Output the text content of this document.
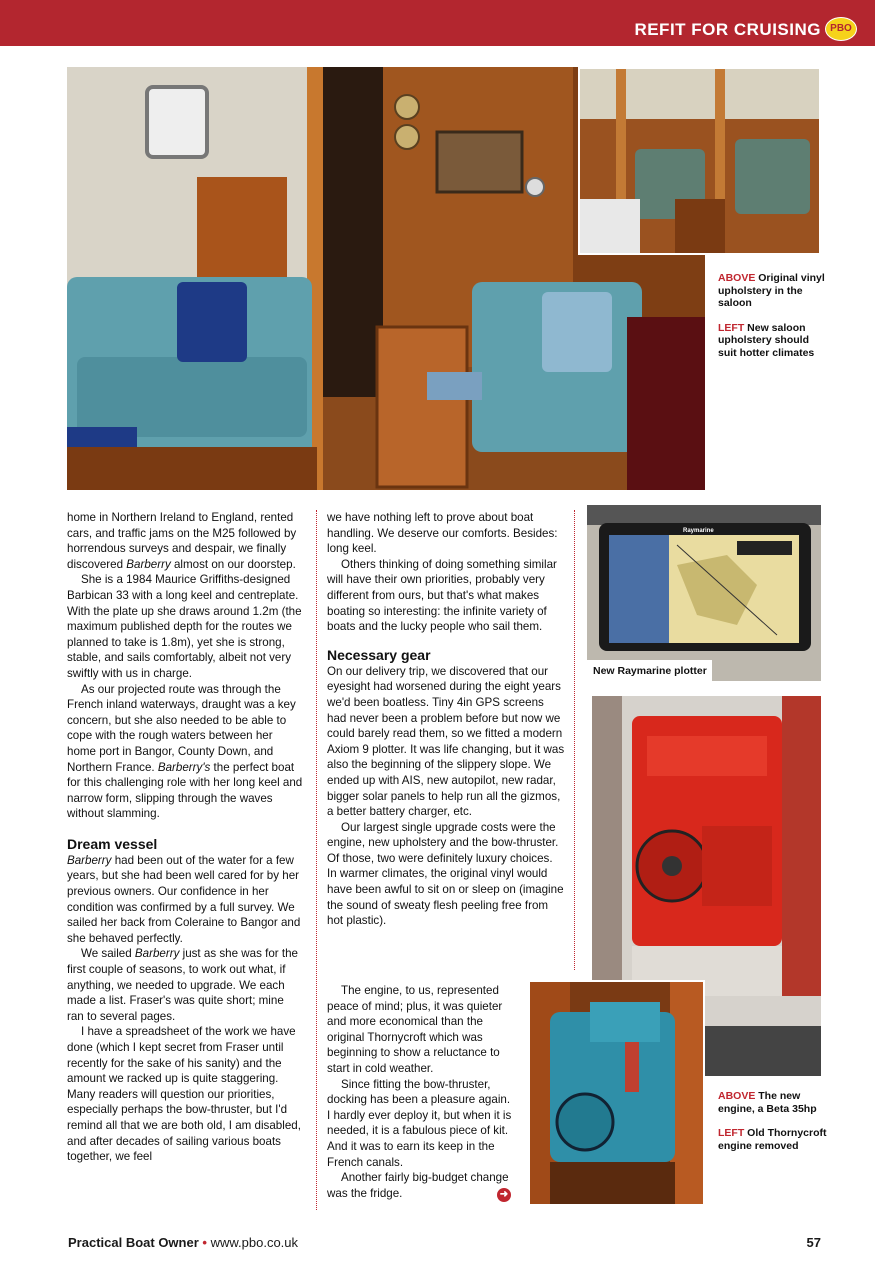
REFIT FOR CRUISING PBO
ABOVE Original vinyl upholstery in the saloon
LEFT New saloon upholstery should suit hotter climates
Raymarine
New Raymarine plotter
ABOVE The new engine, a Beta 35hp
LEFT Old Thornycroft engine removed

home in Northern Ireland to England, rented cars, and traffic jams on the M25 followed by horrendous surveys and despair, we finally discovered Barberry almost on our doorstep.

She is a 1984 Maurice Griffiths-designed Barbican 33 with a long keel and centreplate. With the plate up she draws around 1.2m (the maximum published depth for the routes we planned to take is 1.8m), yet she is strong, stable, and sails comfortably, albeit not very swiftly with us in charge.

As our projected route was through the French inland waterways, draught was a key concern, but she also needed to be able to cope with the rough waters between her home port in Bangor, County Down, and Northern France. Barberry's the perfect boat for this challenging role with her long keel and narrow form, slipping through the waves without slamming.

Dream vessel

Barberry had been out of the water for a few years, but she had been well cared for by her previous owners. Our confidence in her condition was confirmed by a full survey. We sailed her back from Coleraine to Bangor and she behaved perfectly.

We sailed Barberry just as she was for the first couple of seasons, to work out what, if anything, we needed to upgrade. We each made a list. Fraser's was quite short; mine ran to several pages.

I have a spreadsheet of the work we have done (which I kept secret from Fraser until recently for the sake of his sanity) and the amount we racked up is quite staggering. Many readers will question our priorities, especially perhaps the bow-thruster, but I'd remind all that we are both old, I am disabled, and after decades of sailing various boats together, we feel

we have nothing left to prove about boat handling. We deserve our comforts. Besides: long keel.

Others thinking of doing something similar will have their own priorities, probably very different from ours, but that's what makes boating so interesting: the infinite variety of boats and the lucky people who sail them.

Necessary gear

On our delivery trip, we discovered that our eyesight had worsened during the eight years we'd been boatless. Tiny 4in GPS screens had never been a problem before but now we could barely read them, so we fitted a modern Axiom 9 plotter. It was life changing, but it was also the beginning of the slippery slope. We ended up with AIS, new autopilot, new radar, bigger solar panels to help run all the gizmos, a better battery charger, etc.

Our largest single upgrade costs were the engine, new upholstery and the bow-thruster. Of those, two were definitely luxury choices. In warmer climates, the original vinyl would have been awful to sit on or sleep on (imagine the sound of sweaty flesh peeling free from hot plastic).

The engine, to us, represented peace of mind; plus, it was quieter and more economical than the original Thornycroft which was beginning to show a reluctance to start in cold weather.

Since fitting the bow-thruster, docking has been a pleasure again. I hardly ever deploy it, but when it is needed, it is a fabulous piece of kit. And it was to earn its keep in the French canals.

Another fairly big-budget change was the fridge.	➜
Practical Boat Owner • www.pbo.co.uk	57
